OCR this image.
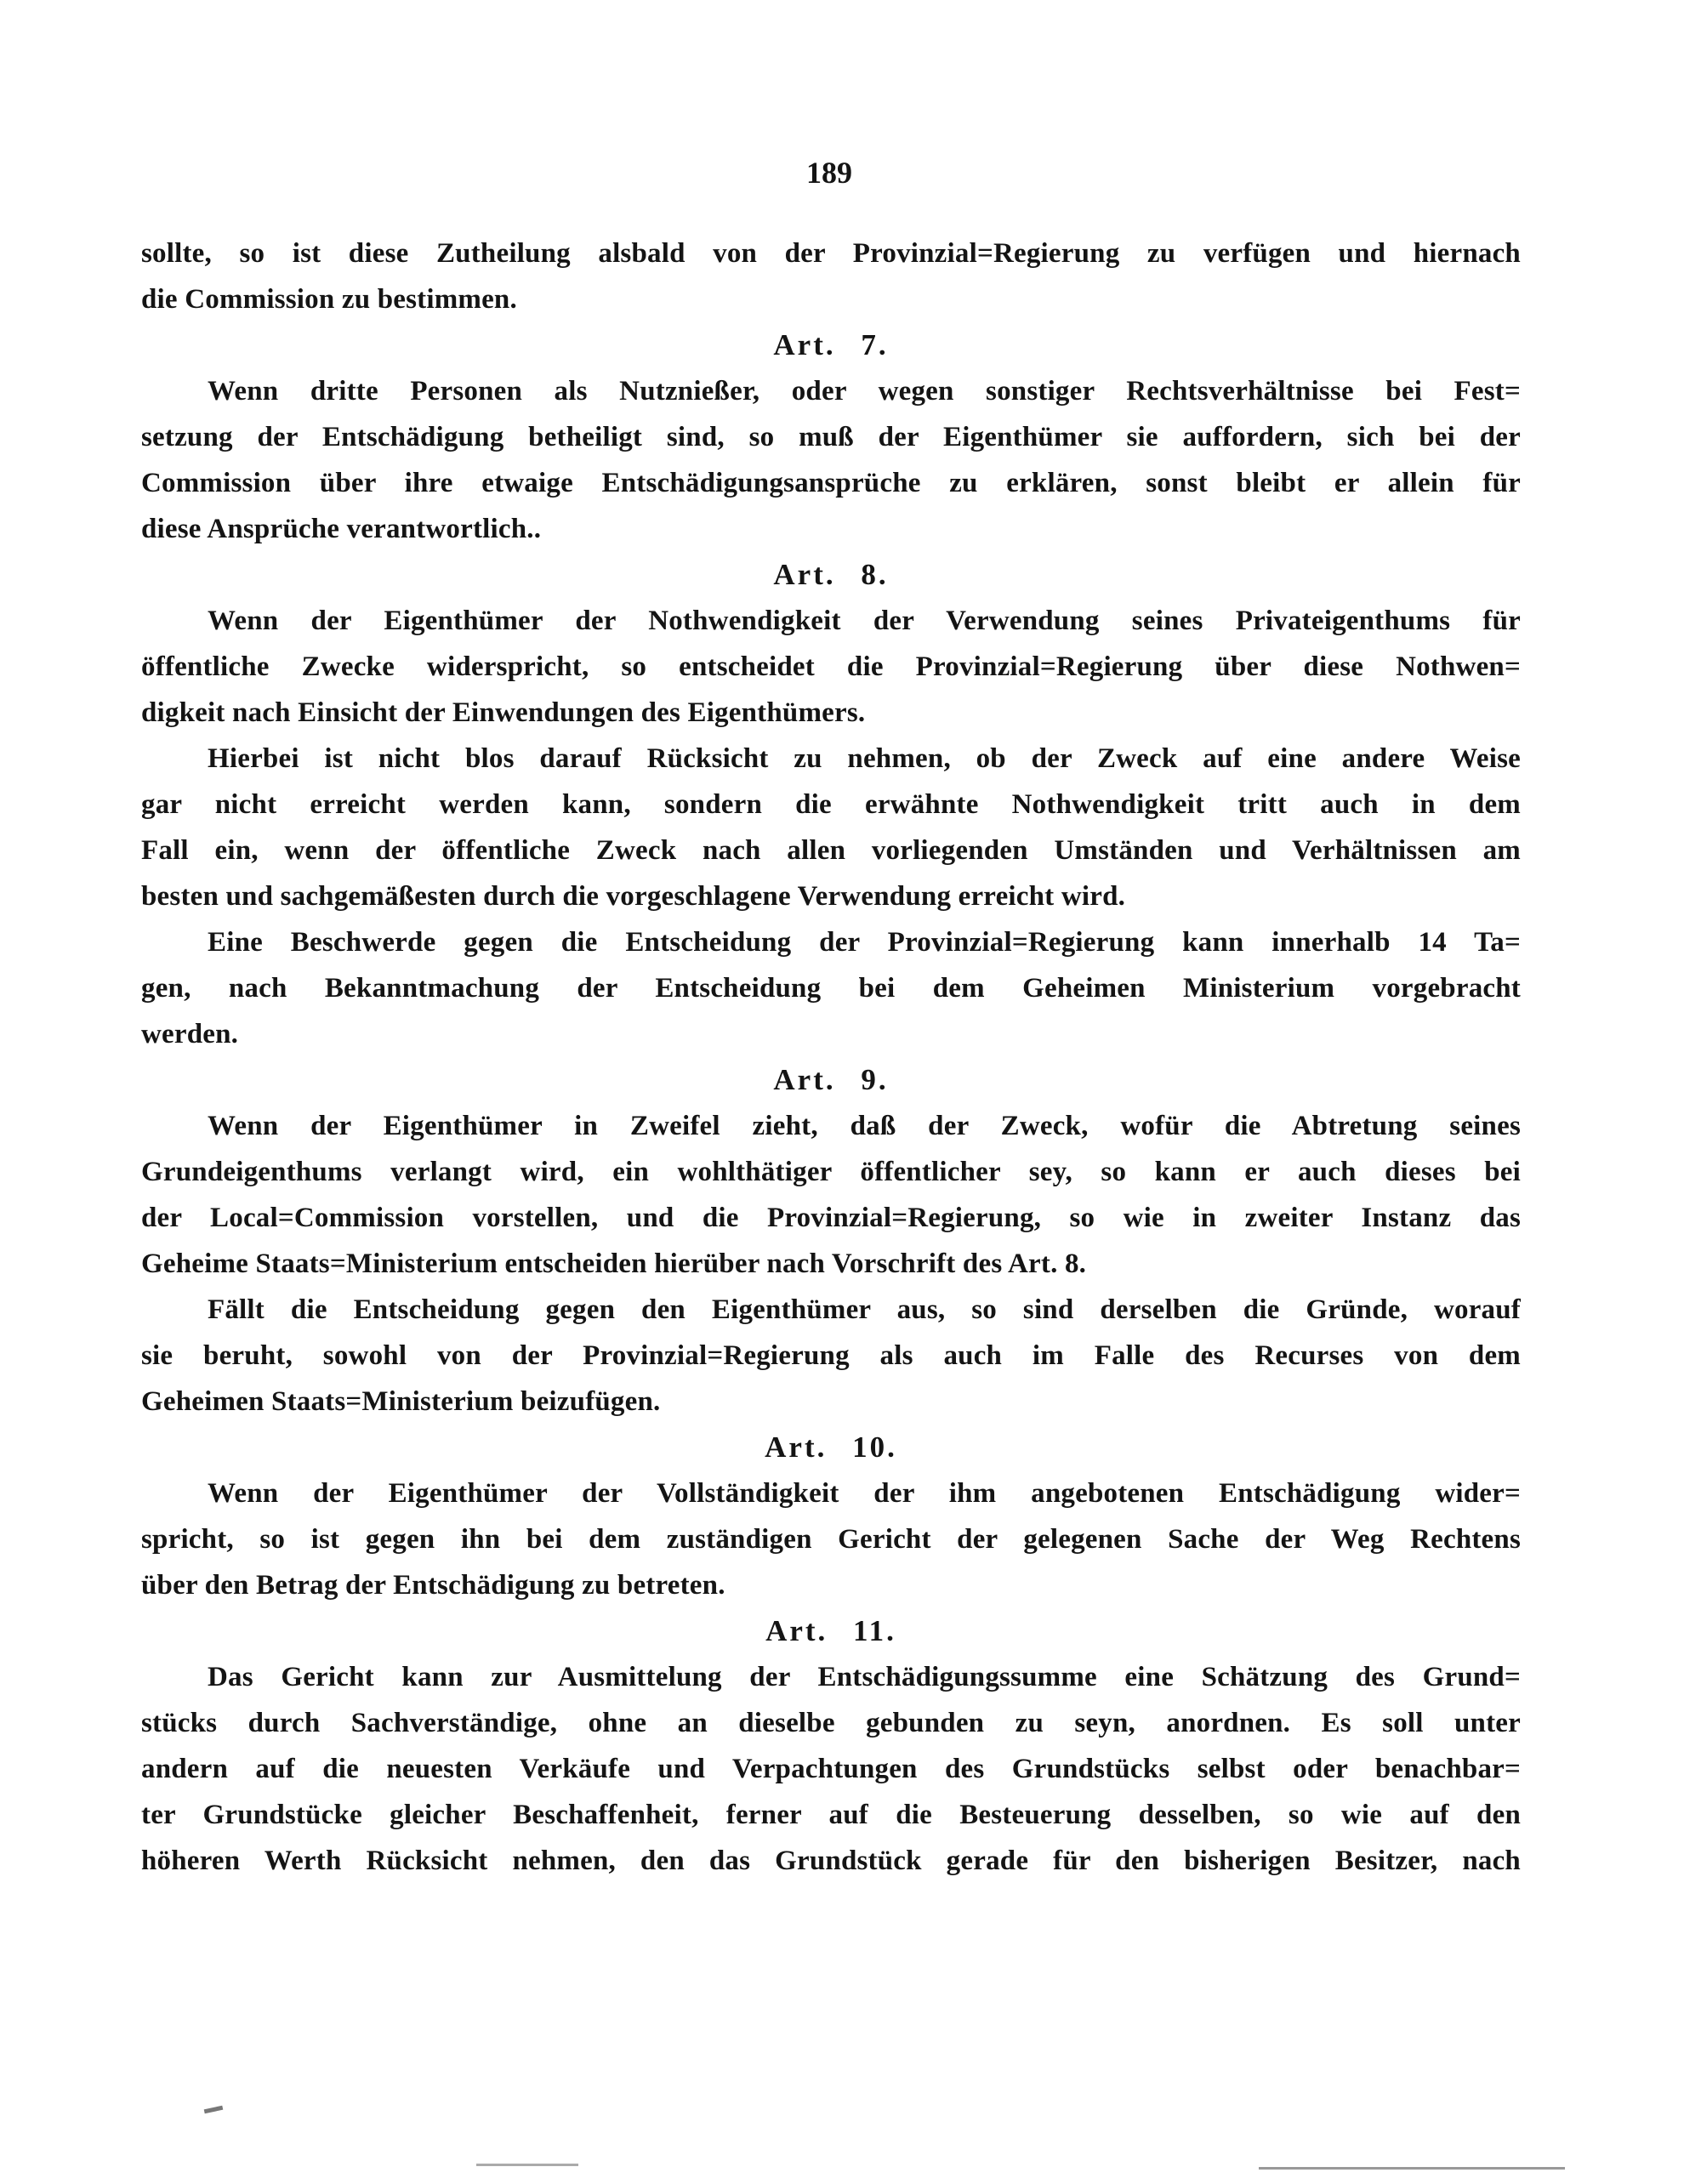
189
sollte, so ist diese Zutheilung alsbald von der Provinzial=Regierung zu verfügen und hiernach
die Commission zu bestimmen.
Art. 7.
Wenn dritte Personen als Nutznießer, oder wegen sonstiger Rechtsverhältnisse bei Fest=
setzung der Entschädigung betheiligt sind, so muß der Eigenthümer sie auffordern, sich bei der
Commission über ihre etwaige Entschädigungsansprüche zu erklären, sonst bleibt er allein für
diese Ansprüche verantwortlich..
Art. 8.
Wenn der Eigenthümer der Nothwendigkeit der Verwendung seines Privateigenthums für
öffentliche Zwecke widerspricht, so entscheidet die Provinzial=Regierung über diese Nothwen=
digkeit nach Einsicht der Einwendungen des Eigenthümers.
Hierbei ist nicht blos darauf Rücksicht zu nehmen, ob der Zweck auf eine andere Weise
gar nicht erreicht werden kann, sondern die erwähnte Nothwendigkeit tritt auch in dem
Fall ein, wenn der öffentliche Zweck nach allen vorliegenden Umständen und Verhältnissen am
besten und sachgemäßesten durch die vorgeschlagene Verwendung erreicht wird.
Eine Beschwerde gegen die Entscheidung der Provinzial=Regierung kann innerhalb 14 Ta=
gen, nach Bekanntmachung der Entscheidung bei dem Geheimen Ministerium vorgebracht
werden.
Art. 9.
Wenn der Eigenthümer in Zweifel zieht, daß der Zweck, wofür die Abtretung seines
Grundeigenthums verlangt wird, ein wohlthätiger öffentlicher sey, so kann er auch dieses bei
der Local=Commission vorstellen, und die Provinzial=Regierung, so wie in zweiter Instanz das
Geheime Staats=Ministerium entscheiden hierüber nach Vorschrift des Art. 8.
Fällt die Entscheidung gegen den Eigenthümer aus, so sind derselben die Gründe, worauf
sie beruht, sowohl von der Provinzial=Regierung als auch im Falle des Recurses von dem
Geheimen Staats=Ministerium beizufügen.
Art. 10.
Wenn der Eigenthümer der Vollständigkeit der ihm angebotenen Entschädigung wider=
spricht, so ist gegen ihn bei dem zuständigen Gericht der gelegenen Sache der Weg Rechtens
über den Betrag der Entschädigung zu betreten.
Art. 11.
Das Gericht kann zur Ausmittelung der Entschädigungssumme eine Schätzung des Grund=
stücks durch Sachverständige, ohne an dieselbe gebunden zu seyn, anordnen. Es soll unter
andern auf die neuesten Verkäufe und Verpachtungen des Grundstücks selbst oder benachbar=
ter Grundstücke gleicher Beschaffenheit, ferner auf die Besteuerung desselben, so wie auf den
höheren Werth Rücksicht nehmen, den das Grundstück gerade für den bisherigen Besitzer, nach
